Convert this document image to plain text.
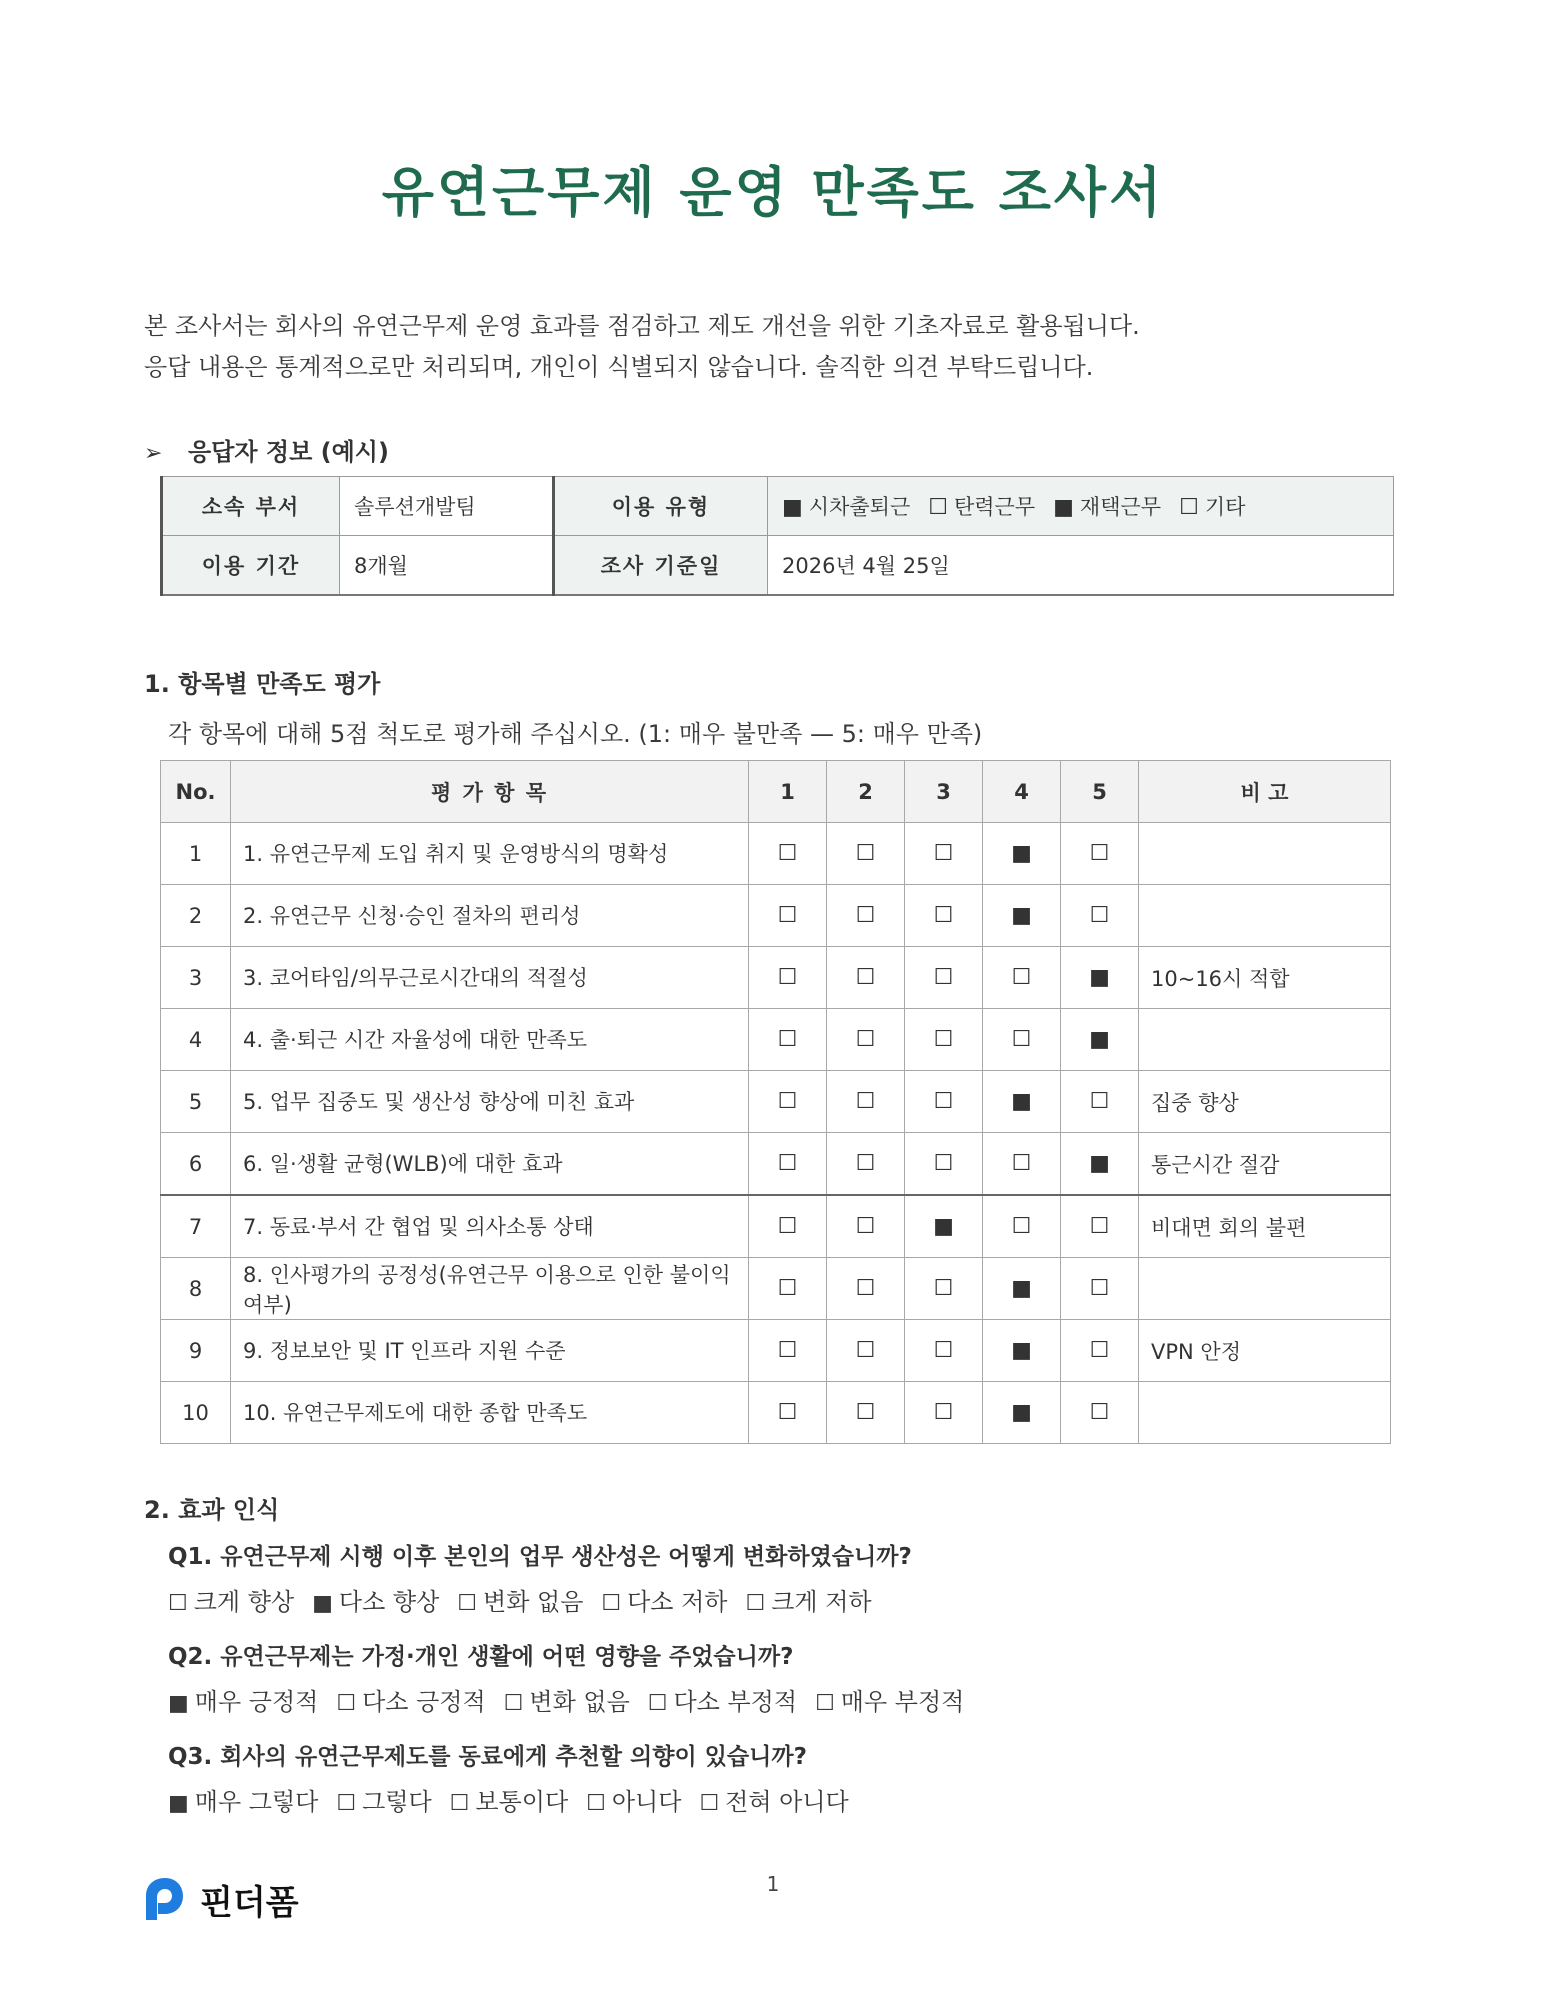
유연근무제 운영 만족도 조사서
본 조사서는 회사의 유연근무제 운영 효과를 점검하고 제도 개선을 위한 기초자료로 활용됩니다.
응답 내용은 통계적으로만 처리되며, 개인이 식별되지 않습니다. 솔직한 의견 부탁드립니다.
➢ 응답자 정보 (예시)
소속 부서	솔루션개발팀	이용 유형	■ 시차출퇴근 ☐ 탄력근무 ■ 재택근무 ☐ 기타
이용 기간	8개월	조사 기준일	2026년 4월 25일
1. 항목별 만족도 평가
각 항목에 대해 5점 척도로 평가해 주십시오. (1: 매우 불만족 — 5: 매우 만족)
No.	평 가 항 목	1	2	3	4	5	비 고
1	1. 유연근무제 도입 취지 및 운영방식의 명확성	☐	☐	☐	■	☐	
2	2. 유연근무 신청·승인 절차의 편리성	☐	☐	☐	■	☐	
3	3. 코어타임/의무근로시간대의 적절성	☐	☐	☐	☐	■	10~16시 적합
4	4. 출·퇴근 시간 자율성에 대한 만족도	☐	☐	☐	☐	■	
5	5. 업무 집중도 및 생산성 향상에 미친 효과	☐	☐	☐	■	☐	집중 향상
6	6. 일·생활 균형(WLB)에 대한 효과	☐	☐	☐	☐	■	통근시간 절감
7	7. 동료·부서 간 협업 및 의사소통 상태	☐	☐	■	☐	☐	비대면 회의 불편
8	8. 인사평가의 공정성(유연근무 이용으로 인한 불이익 여부)	☐	☐	☐	■	☐	
9	9. 정보보안 및 IT 인프라 지원 수준	☐	☐	☐	■	☐	VPN 안정
10	10. 유연근무제도에 대한 종합 만족도	☐	☐	☐	■	☐	
2. 효과 인식
Q1. 유연근무제 시행 이후 본인의 업무 생산성은 어떻게 변화하였습니까?
☐ 크게 향상 ■ 다소 향상 ☐ 변화 없음 ☐ 다소 저하 ☐ 크게 저하
Q2. 유연근무제는 가정·개인 생활에 어떤 영향을 주었습니까?
■ 매우 긍정적 ☐ 다소 긍정적 ☐ 변화 없음 ☐ 다소 부정적 ☐ 매우 부정적
Q3. 회사의 유연근무제도를 동료에게 추천할 의향이 있습니까?
■ 매우 그렇다 ☐ 그렇다 ☐ 보통이다 ☐ 아니다 ☐ 전혀 아니다
핀더폼	1
